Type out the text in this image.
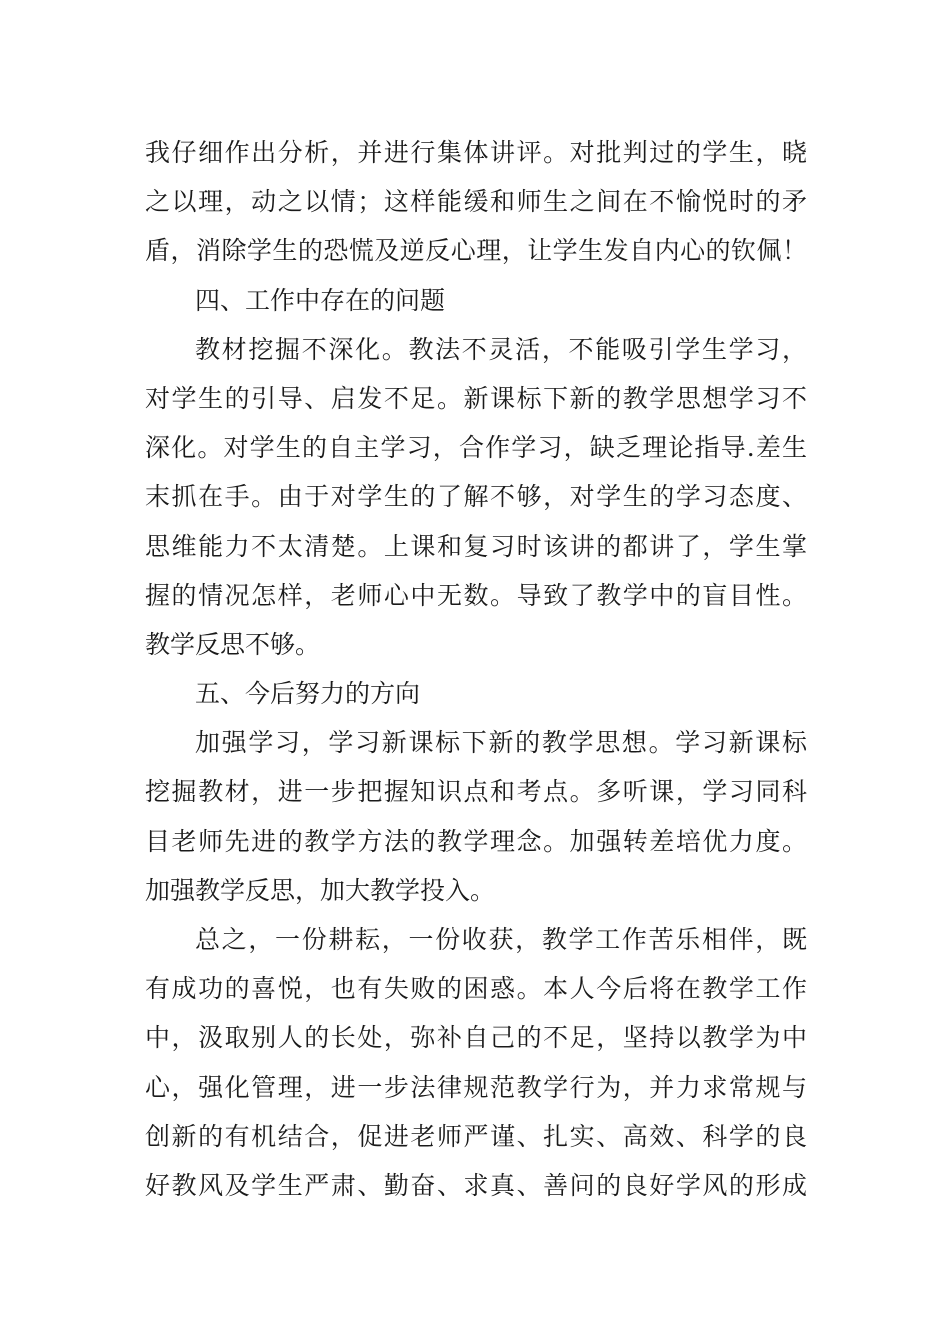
我仔细作出分析，并进行集体讲评。对批判过的学生，晓
之以理，动之以情；这样能缓和师生之间在不愉悦时的矛
盾，消除学生的恐慌及逆反心理，让学生发自内心的钦佩！
四、工作中存在的问题
教材挖掘不深化。教法不灵活，不能吸引学生学习，
对学生的引导、启发不足。新课标下新的教学思想学习不
深化。对学生的自主学习，合作学习，缺乏理论指导.差生
末抓在手。由于对学生的了解不够，对学生的学习态度、
思维能力不太清楚。上课和复习时该讲的都讲了，学生掌
握的情况怎样，老师心中无数。导致了教学中的盲目性。
教学反思不够。
五、今后努力的方向
加强学习，学习新课标下新的教学思想。学习新课标
挖掘教材，进一步把握知识点和考点。多听课，学习同科
目老师先进的教学方法的教学理念。加强转差培优力度。
加强教学反思，加大教学投入。
总之，一份耕耘，一份收获，教学工作苦乐相伴，既
有成功的喜悦，也有失败的困惑。本人今后将在教学工作
中，汲取别人的长处，弥补自己的不足，坚持以教学为中
心，强化管理，进一步法律规范教学行为，并力求常规与
创新的有机结合，促进老师严谨、扎实、高效、科学的良
好教风及学生严肃、勤奋、求真、善问的良好学风的形成
